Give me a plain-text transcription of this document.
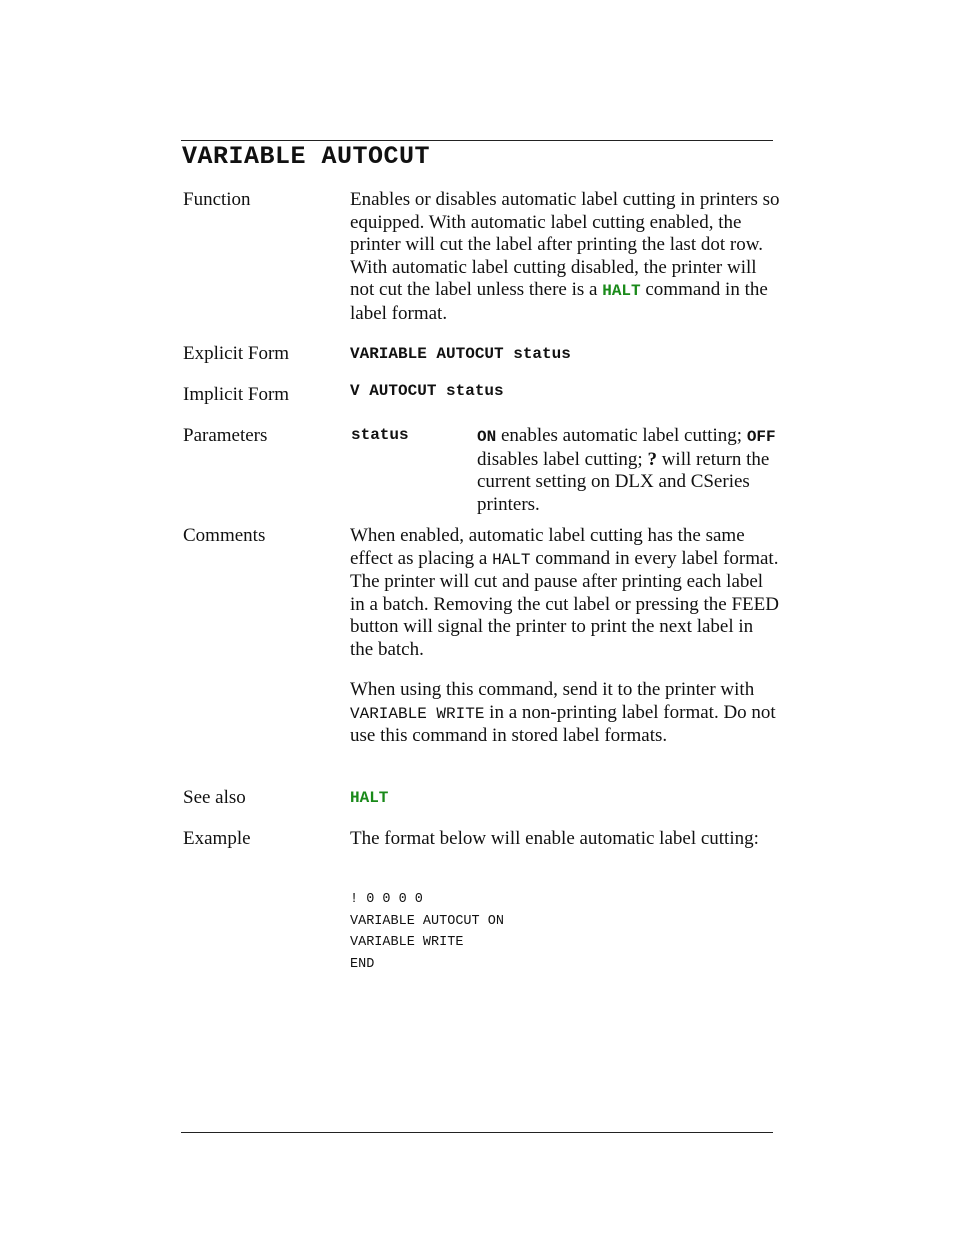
VARIABLE AUTOCUT
Function	Enables or disables automatic label cutting in printers so equipped. With automatic label cutting enabled, the printer will cut the label after printing the last dot row. With automatic label cutting disabled, the printer will not cut the label unless there is a HALT command in the label format.

Explicit Form	VARIABLE AUTOCUT status
Implicit Form	V AUTOCUT status
Parameters	status	ON enables automatic label cutting; OFF disables label cutting; ? will return the current setting on DLX and CSeries printers.
Comments	When enabled, automatic label cutting has the same effect as placing a HALT command in every label format. The printer will cut and pause after printing each label in a batch. Removing the cut label or pressing the FEED button will signal the printer to print the next label in the batch.

When using this command, send it to the printer with VARIABLE WRITE in a non-printing label format. Do not use this command in stored label formats.

See also	HALT
Example	The format below will enable automatic label cutting:
! 0 0 0 0
VARIABLE AUTOCUT ON
VARIABLE WRITE
END
